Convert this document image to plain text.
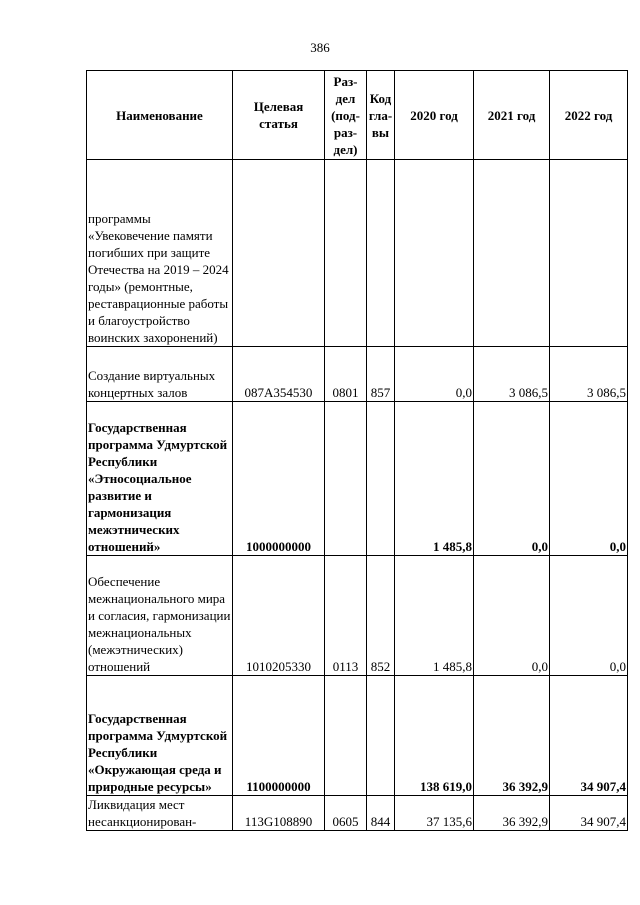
386
Наименование	Целевая статья	Раз-дел (под-раз-дел)	Код гла-вы	2020 год	2021 год	2022 год
программы «Увековечение памяти погибших при защите Отечества на 2019 – 2024 годы» (ремонтные, реставрационные работы и благоустройство воинских захоронений)						
Создание виртуальных концертных залов	087А354530	0801	857	0,0	3 086,5	3 086,5
Государственная программа Удмуртской Республики «Этносоциальное развитие и гармонизация межэтнических отношений»	1000000000			1 485,8	0,0	0,0
Обеспечение межнационального мира и согласия, гармонизации межнациональных (межэтнических) отношений	1010205330	0113	852	1 485,8	0,0	0,0
Государственная программа Удмуртской Республики «Окружающая среда и природные ресурсы»	1100000000			138 619,0	36 392,9	34 907,4
Ликвидация мест несанкционирован-	113G108890	0605	844	37 135,6	36 392,9	34 907,4
